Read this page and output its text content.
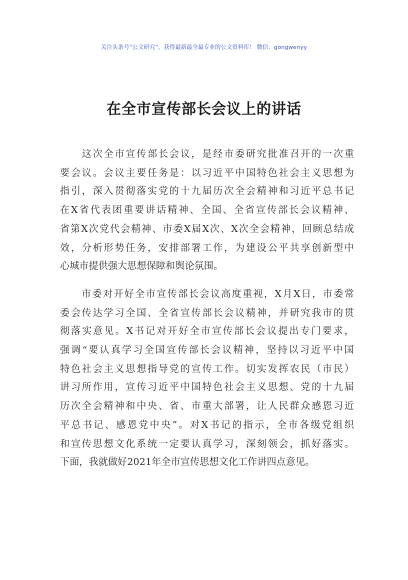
关注头条号“公文研究”，获得最新最全最专业的公文资料库！ 微信：gongwenyy
在全市宣传部长会议上的讲话
　　这次全市宣传部长会议，是经市委研究批准召开的一次重
要会议。会议主要任务是：以习近平中国特色社会主义思想为
指引，深入贯彻落实党的十九届历次全会精神和习近平总书记
在X省代表团重要讲话精神、全国、全省宣传部长会议精神、
省第X次党代会精神、市委X届X次、X次全会精神，回顾总结成
效，分析形势任务，安排部署工作，为建设公平共享创新型中
心城市提供强大思想保障和舆论氛围。
　　市委对开好全市宣传部长会议高度重视，X月X日，市委常
委会传达学习全国、全省宣传部长会议精神，并研究我市的贯
彻落实意见。X书记对开好全市宣传部长会议提出专门要求，
强调“要认真学习全国宣传部长会议精神，坚持以习近平中国
特色社会主义思想指导党的宣传工作。切实发挥农民（市民）
讲习所作用，宣传习近平中国特色社会主义思想、党的十九届
历次全会精神和中央、省、市重大部署，让人民群众感恩习近
平总书记、感恩党中央”。对X书记的指示，全市各级党组织
和宣传思想文化系统一定要认真学习，深刻领会，抓好落实。
下面，我就做好2021年全市宣传思想文化工作讲四点意见。
